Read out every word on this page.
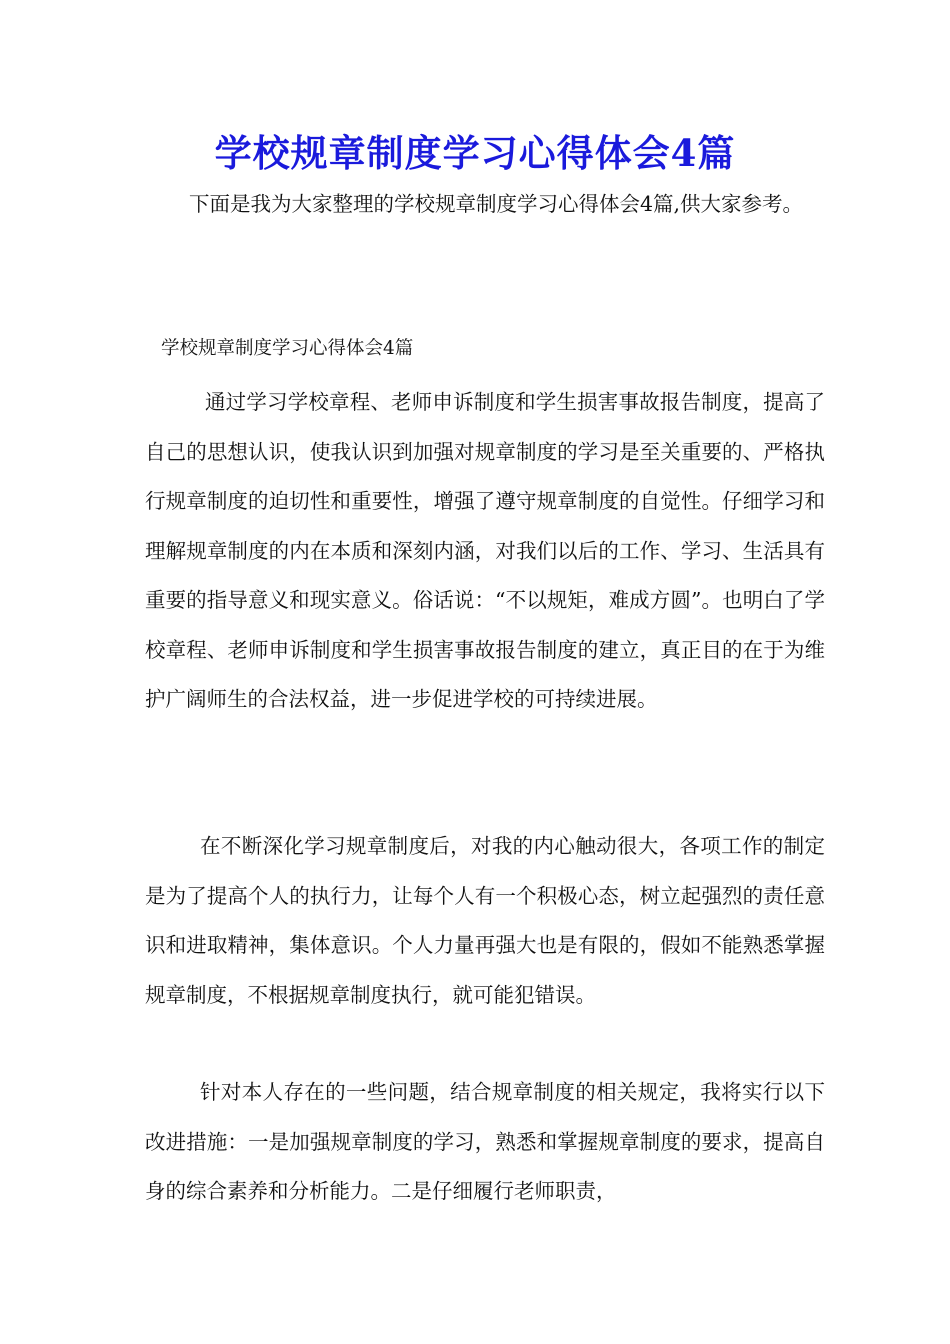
学校规章制度学习心得体会4篇

下面是我为大家整理的学校规章制度学习心得体会4篇,供大家参考。

学校规章制度学习心得体会4篇

通过学习学校章程、老师申诉制度和学生损害事故报告制度，提高了自己的思想认识，使我认识到加强对规章制度的学习是至关重要的、严格执行规章制度的迫切性和重要性，增强了遵守规章制度的自觉性。仔细学习和理解规章制度的内在本质和深刻内涵，对我们以后的工作、学习、生活具有重要的指导意义和现实意义。俗话说：“不以规矩，难成方圆”。也明白了学校章程、老师申诉制度和学生损害事故报告制度的建立，真正目的在于为维护广阔师生的合法权益，进一步促进学校的可持续进展。

在不断深化学习规章制度后，对我的内心触动很大，各项工作的制定是为了提高个人的执行力，让每个人有一个积极心态，树立起强烈的责任意识和进取精神，集体意识。个人力量再强大也是有限的，假如不能熟悉掌握规章制度，不根据规章制度执行，就可能犯错误。

针对本人存在的一些问题，结合规章制度的相关规定，我将实行以下改进措施：一是加强规章制度的学习，熟悉和掌握规章制度的要求，提高自身的综合素养和分析能力。二是仔细履行老师职责，
